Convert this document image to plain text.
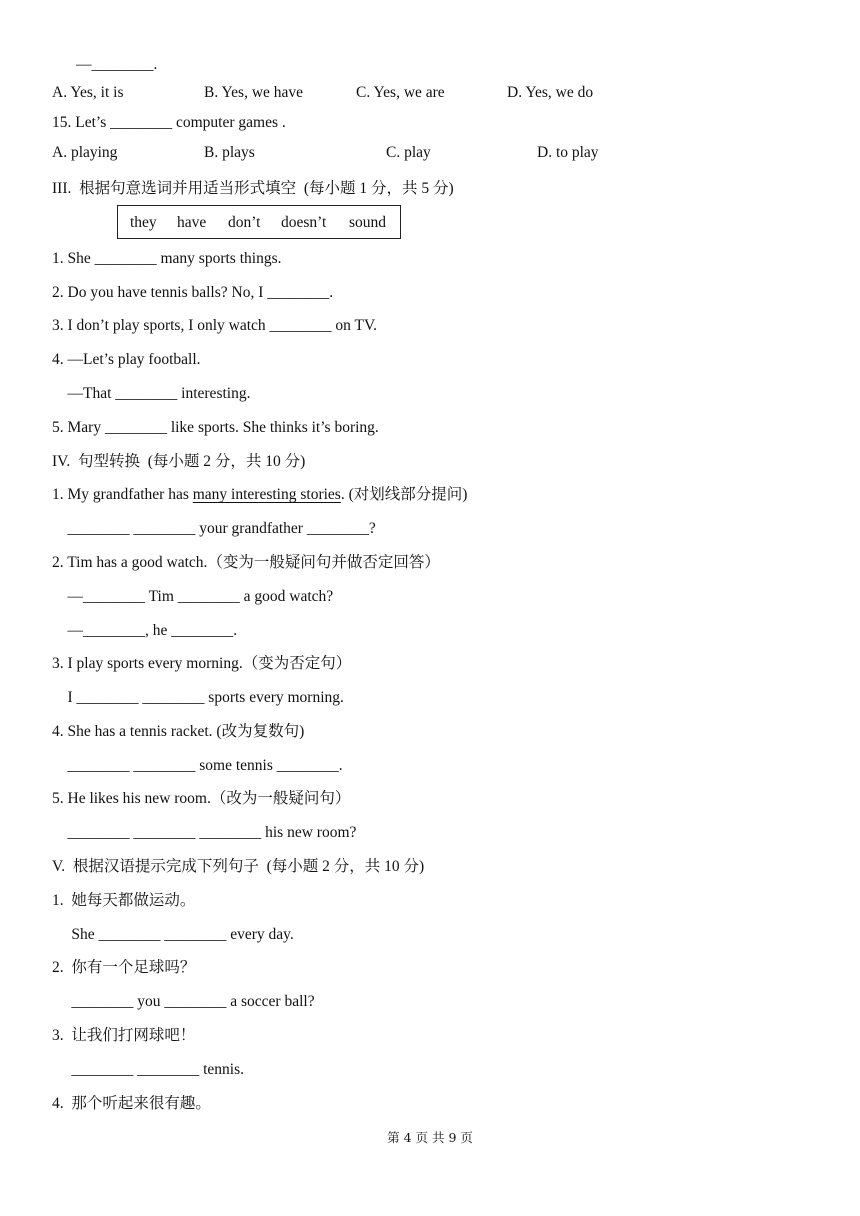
—________.
A. Yes, it is	B. Yes, we have	C. Yes, we are	D. Yes, we do
15. Let’s ________ computer games .
A. playing	B. plays	C. play	D. to play
III.  根据句意选词并用适当形式填空  (每小题 1 分，共 5 分)
they have don’t doesn’t sound
1. She ________ many sports things.
2. Do you have tennis balls? No, I ________.
3. I don’t play sports, I only watch ________ on TV.
4. —Let’s play football.
—That ________ interesting.
5. Mary ________ like sports. She thinks it’s boring.
IV.  句型转换  (每小题 2 分，共 10 分)
1. My grandfather has many interesting stories. (对划线部分提问)
________ ________ your grandfather ________?
2. Tim has a good watch.（变为一般疑问句并做否定回答）
—________ Tim ________ a good watch?
—________, he ________.
3. I play sports every morning.（变为否定句）
I ________ ________ sports every morning.
4. She has a tennis racket. (改为复数句)
________ ________ some tennis ________.
5. He likes his new room.（改为一般疑问句）
________ ________ ________ his new room?
V.  根据汉语提示完成下列句子  (每小题 2 分，共 10 分)
1.  她每天都做运动。
She ________ ________ every day.
2.  你有一个足球吗？
________ you ________ a soccer ball?
3.  让我们打网球吧！
________ ________ tennis.
4.  那个听起来很有趣。
第 4 页 共 9 页
